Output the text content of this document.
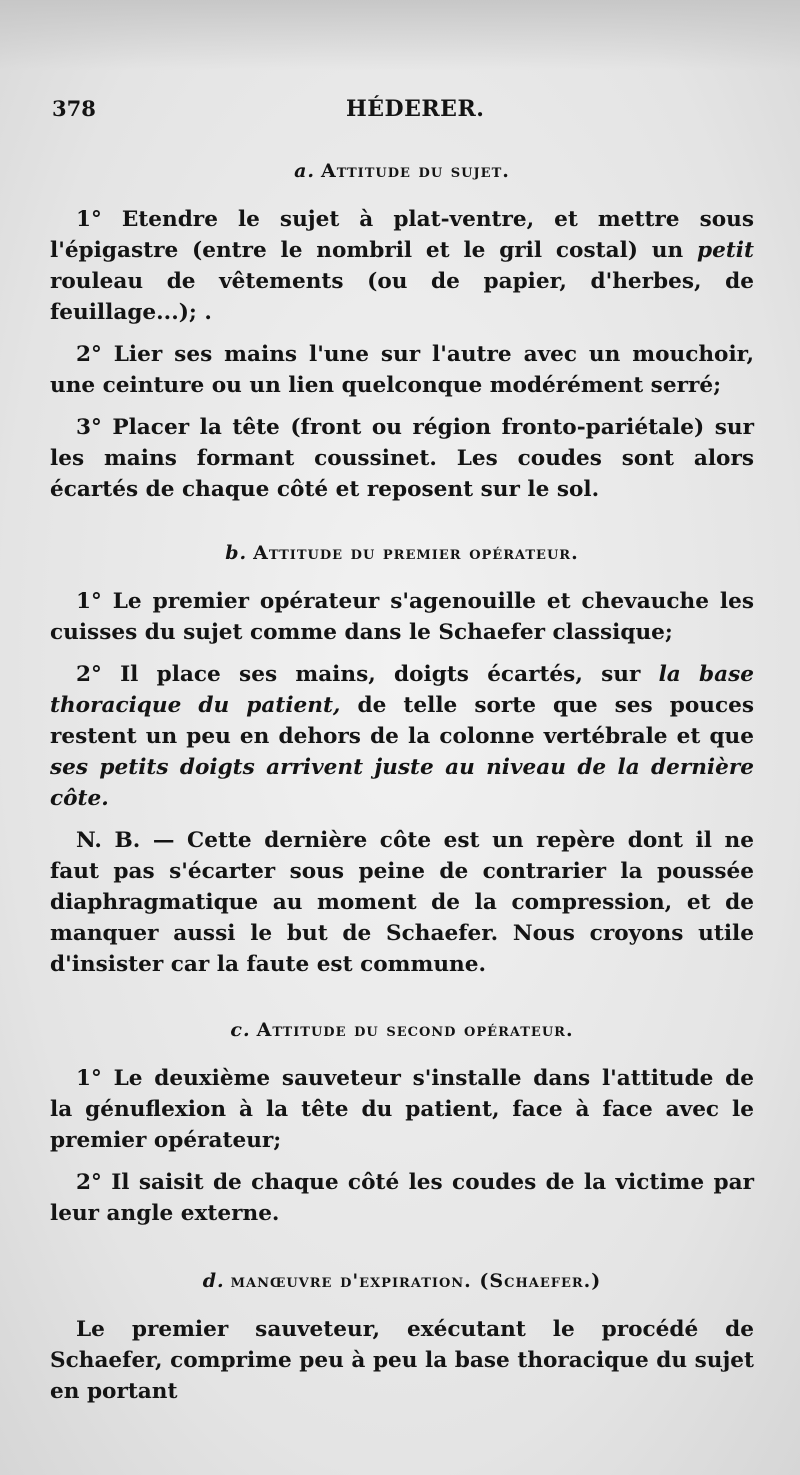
378	HÉDERER.
a. Attitude du sujet.

1° Etendre le sujet à plat-ventre, et mettre sous l'épigastre (entre le nombril et le gril costal) un petit rouleau de vêtements (ou de papier, d'herbes, de feuillage...); .

2° Lier ses mains l'une sur l'autre avec un mouchoir, une ceinture ou un lien quelconque modérément serré;

3° Placer la tête (front ou région fronto-pariétale) sur les mains formant coussinet. Les coudes sont alors écartés de chaque côté et reposent sur le sol.

b. Attitude du premier opérateur.

1° Le premier opérateur s'agenouille et chevauche les cuisses du sujet comme dans le Schaefer classique;

2° Il place ses mains, doigts écartés, sur la base thoracique du patient, de telle sorte que ses pouces restent un peu en dehors de la colonne vertébrale et que ses petits doigts arrivent juste au niveau de la dernière côte.

N. B. — Cette dernière côte est un repère dont il ne faut pas s'écarter sous peine de contrarier la poussée diaphragmatique au moment de la compression, et de manquer aussi le but de Schaefer. Nous croyons utile d'insister car la faute est commune.

c. Attitude du second opérateur.

1° Le deuxième sauveteur s'installe dans l'attitude de la génuflexion à la tête du patient, face à face avec le premier opérateur;

2° Il saisit de chaque côté les coudes de la victime par leur angle externe.

d. manœuvre d'expiration. (Schaefer.)

Le premier sauveteur, exécutant le procédé de Schaefer, comprime peu à peu la base thoracique du sujet en portant
